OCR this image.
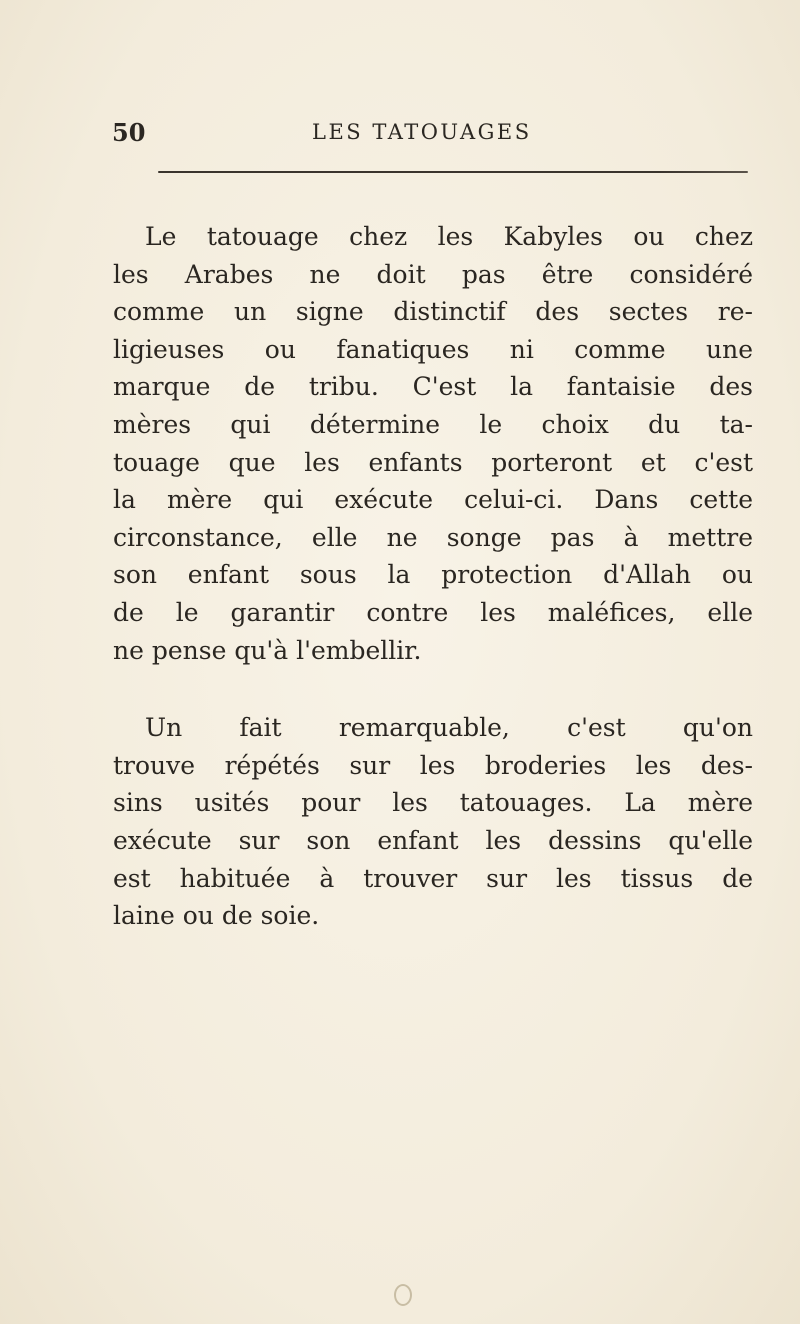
50	LES TATOUAGES

Le tatouage chez les Kabyles ou chez
les Arabes ne doit pas être considéré
comme un signe distinctif des sectes re-
ligieuses ou fanatiques ni comme une
marque de tribu. C'est la fantaisie des
mères qui détermine le choix du ta-
touage que les enfants porteront et c'est
la mère qui exécute celui-ci. Dans cette
circonstance, elle ne songe pas à mettre
son enfant sous la protection d'Allah ou
de le garantir contre les maléfices, elle
ne pense qu'à l'embellir.

Un fait remarquable, c'est qu'on
trouve répétés sur les broderies les des-
sins usités pour les tatouages. La mère
exécute sur son enfant les dessins qu'elle
est habituée à trouver sur les tissus de
laine ou de soie.
